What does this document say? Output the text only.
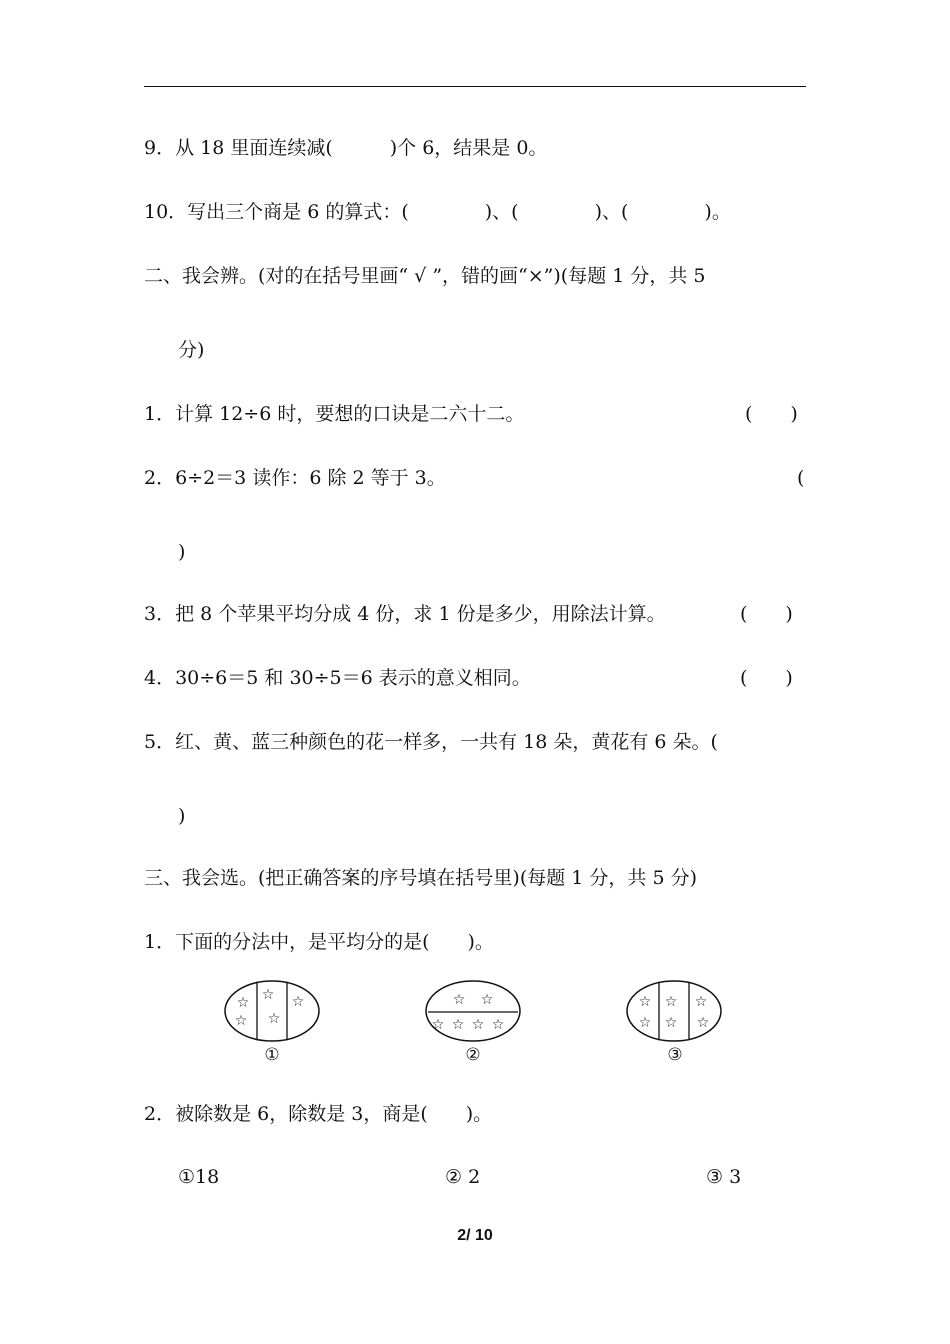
9．从 18 里面连续减(　　　)个 6，结果是 0。
10．写出三个商是 6 的算式：(　　　　)、(　　　　)、(　　　　)。
二、我会辨。(对的在括号里画“ √ ”，错的画“×”)(每题 1 分，共 5
分)
1．计算 12÷6 时，要想的口诀是二六十二。	(　　)
2．6÷2＝3 读作：6 除 2 等于 3。	(
)
3．把 8 个苹果平均分成 4 份，求 1 份是多少，用除法计算。	(　　)
4．30÷6＝5 和 30÷5＝6 表示的意义相同。	(　　)
5．红、黄、蓝三种颜色的花一样多，一共有 18 朵，黄花有 6 朵。(
)
三、我会选。(把正确答案的序号填在括号里)(每题 1 分，共 5 分)
1．下面的分法中，是平均分的是(　　)。
☆
☆
☆
☆
☆
①
☆ ☆
☆ ☆ ☆ ☆
②
☆
☆
☆
☆
☆
☆
③
2．被除数是 6，除数是 3，商是(　　)。
①18	② 2	③ 3
2/ 10
